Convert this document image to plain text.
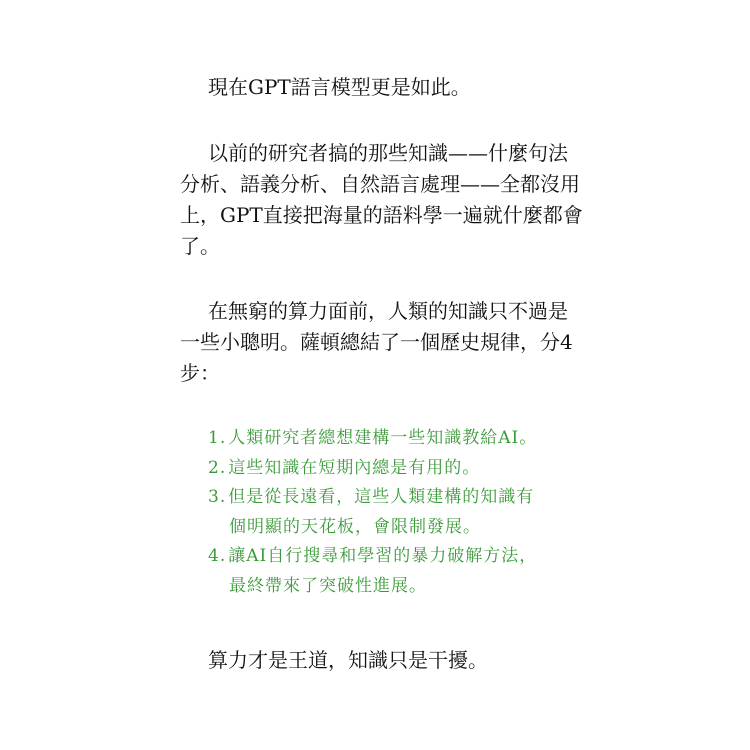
現在GPT語言模型更是如此。
以前的研究者搞的那些知識——什麼句法
分析、語義分析、自然語言處理——全都沒用
上，GPT直接把海量的語料學一遍就什麼都會
了。
在無窮的算力面前，人類的知識只不過是
一些小聰明。薩頓總結了一個歷史規律，分4
步：
1. 人類研究者總想建構一些知識教給AI。
2. 這些知識在短期內總是有用的。
3. 但是從長遠看，這些人類建構的知識有
個明顯的天花板，會限制發展。
4. 讓AI自行搜尋和學習的暴力破解方法，
最終帶來了突破性進展。
算力才是王道，知識只是干擾。
